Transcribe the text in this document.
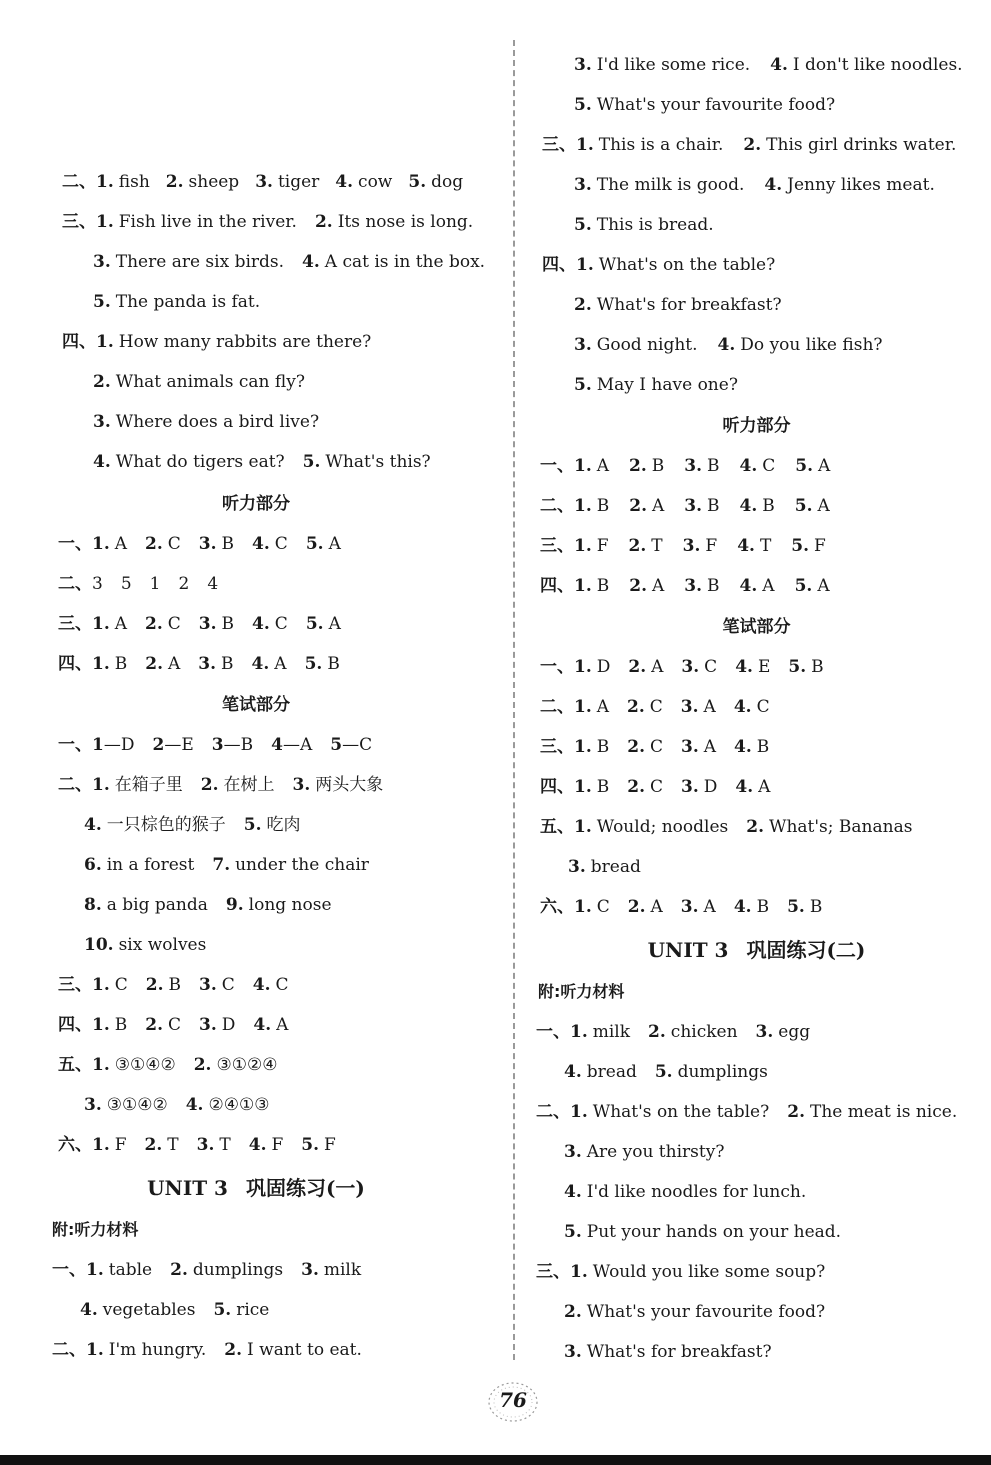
二、1. fish 2. sheep 3. tiger 4. cow 5. dog
三、1. Fish live in the river. 2. Its nose is long.
3. There are six birds. 4. A cat is in the box.
5. The panda is fat.
四、1. How many rabbits are there?
2. What animals can fly?
3. Where does a bird live?
4. What do tigers eat? 5. What's this?
听力部分
一、1. A 2. C 3. B 4. C 5. A
二、3 5 1 2 4
三、1. A 2. C 3. B 4. C 5. A
四、1. B 2. A 3. B 4. A 5. B
笔试部分
一、1—D 2—E 3—B 4—A 5—C
二、1. 在箱子里 2. 在树上 3. 两头大象
4. 一只棕色的猴子 5. 吃肉
6. in a forest 7. under the chair
8. a big panda 9. long nose
10. six wolves
三、1. C 2. B 3. C 4. C
四、1. B 2. C 3. D 4. A
五、1. ③①④② 2. ③①②④
3. ③①④② 4. ②④①③
六、1. F 2. T 3. T 4. F 5. F
UNIT 3 巩固练习(一)
附:听力材料
一、1. table 2. dumplings 3. milk
4. vegetables 5. rice
二、1. I'm hungry. 2. I want to eat.
3. I'd like some rice. 4. I don't like noodles.
5. What's your favourite food?
三、1. This is a chair. 2. This girl drinks water.
3. The milk is good. 4. Jenny likes meat.
5. This is bread.
四、1. What's on the table?
2. What's for breakfast?
3. Good night. 4. Do you like fish?
5. May I have one?
听力部分
一、1. A 2. B 3. B 4. C 5. A
二、1. B 2. A 3. B 4. B 5. A
三、1. F 2. T 3. F 4. T 5. F
四、1. B 2. A 3. B 4. A 5. A
笔试部分
一、1. D 2. A 3. C 4. E 5. B
二、1. A 2. C 3. A 4. C
三、1. B 2. C 3. A 4. B
四、1. B 2. C 3. D 4. A
五、1. Would; noodles 2. What's; Bananas
3. bread
六、1. C 2. A 3. A 4. B 5. B
UNIT 3 巩固练习(二)
附:听力材料
一、1. milk 2. chicken 3. egg
4. bread 5. dumplings
二、1. What's on the table? 2. The meat is nice.
3. Are you thirsty?
4. I'd like noodles for lunch.
5. Put your hands on your head.
三、1. Would you like some soup?
2. What's your favourite food?
3. What's for breakfast?
76
